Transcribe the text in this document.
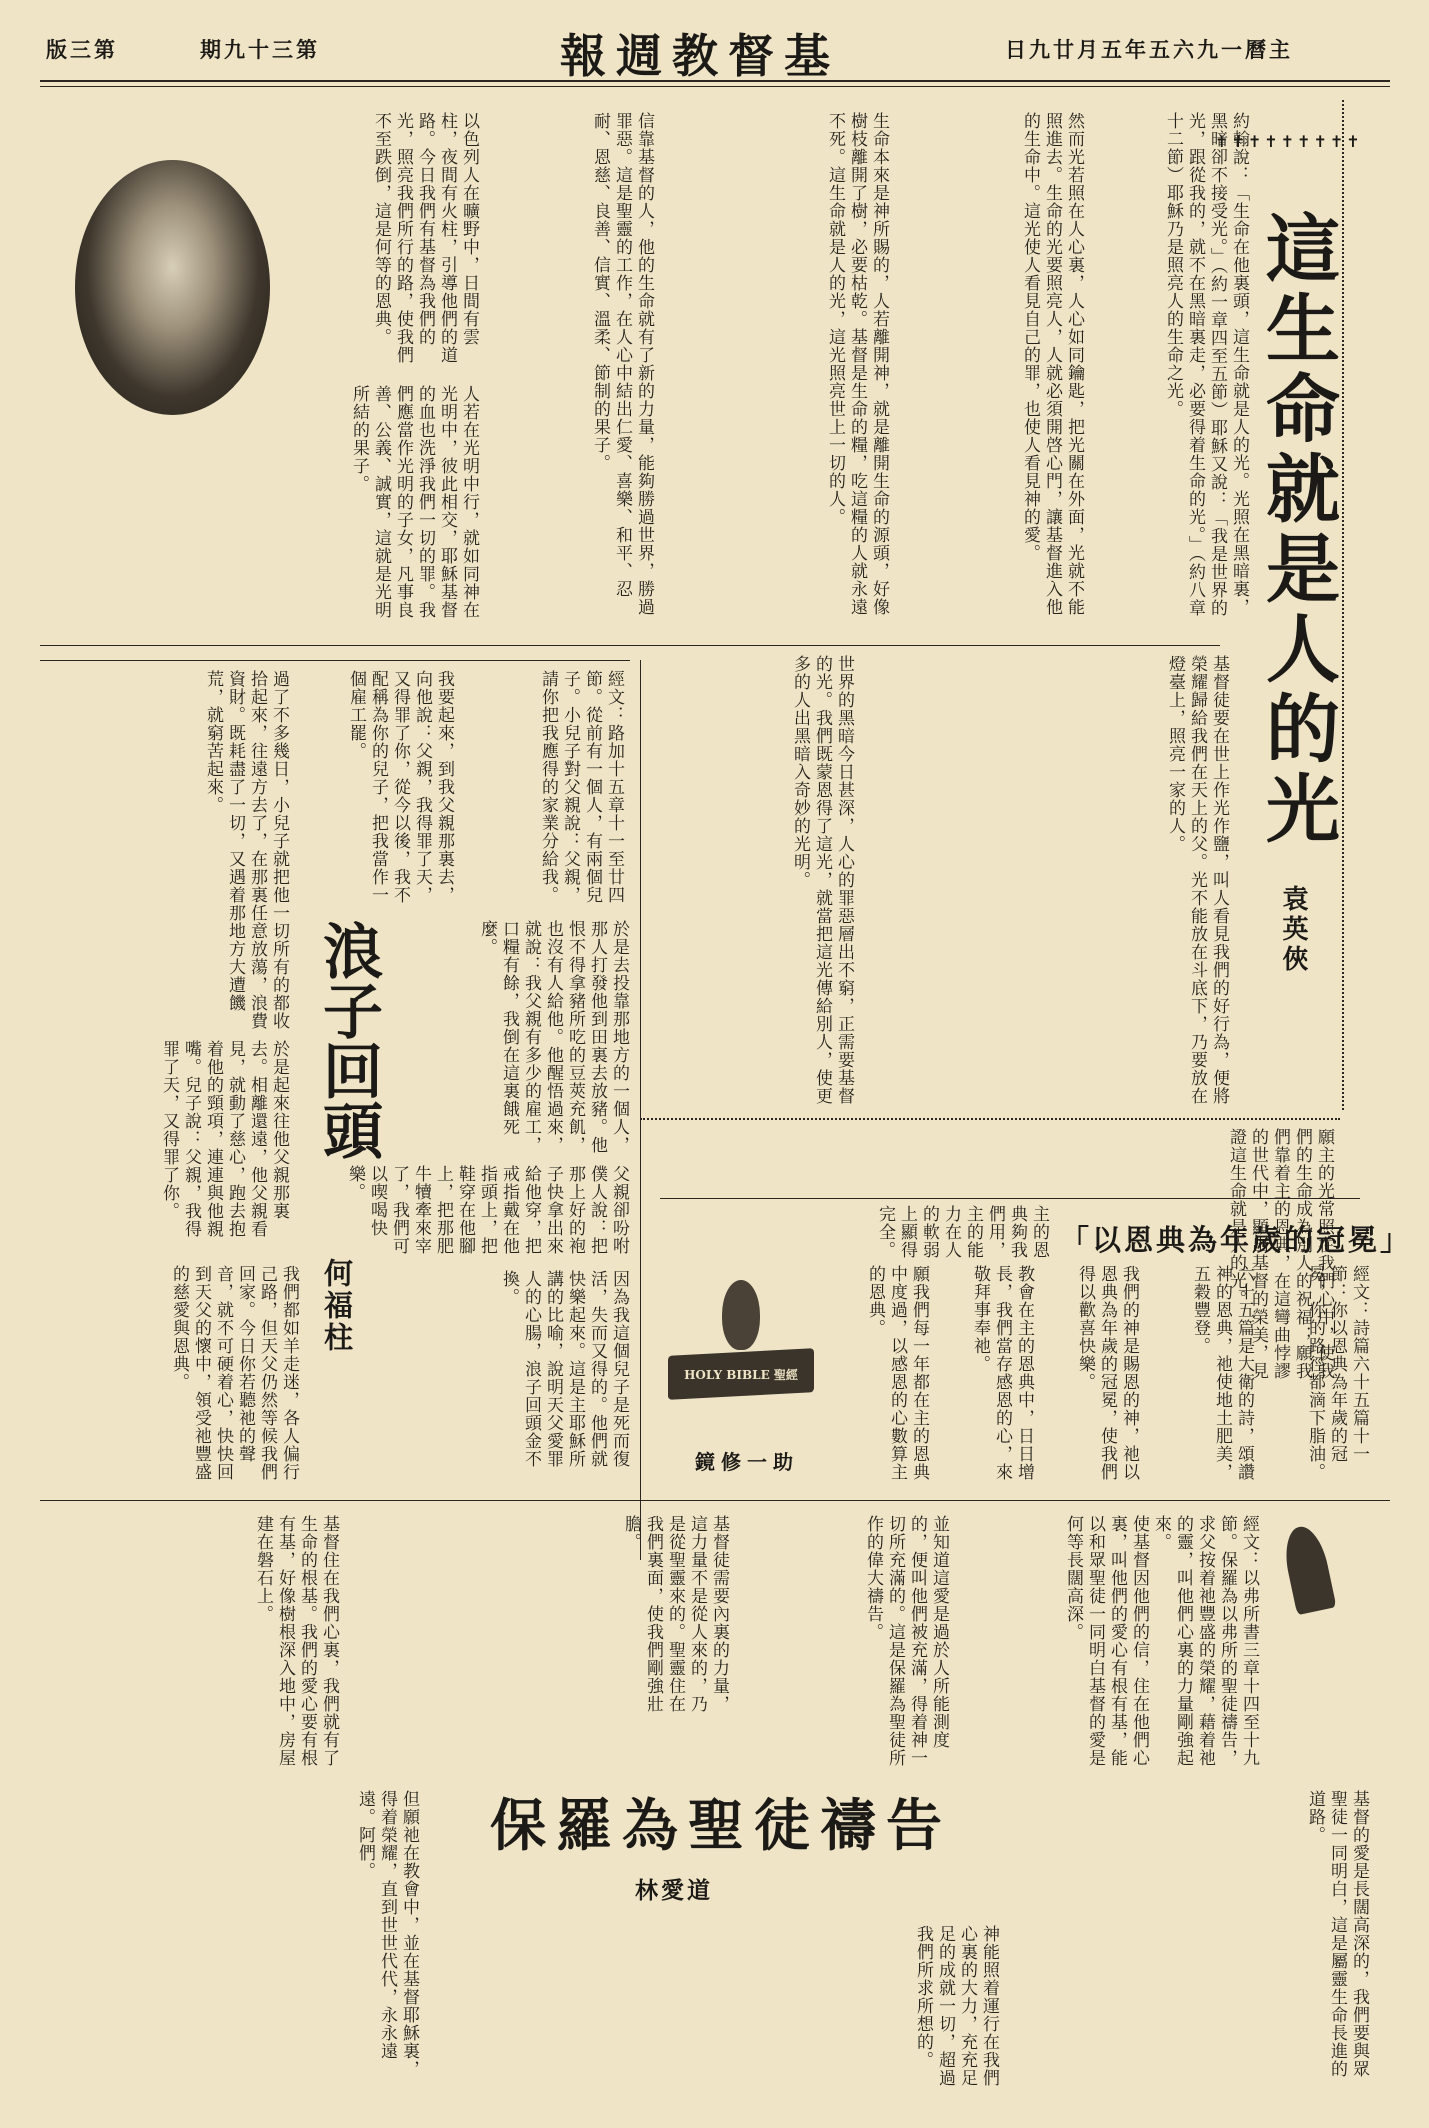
版三第	期九十三第	報週教督基	日九廿月五年五六九一曆主
✝✝✝✝✝✝✝✝✝
這生命就是人的光
袁英俠
約翰說：「生命在他裏頭，這生命就是人的光。光照在黑暗裏，黑暗卻不接受光。」（約一章四至五節）耶穌又說：「我是世界的光，跟從我的，就不在黑暗裏走，必要得着生命的光。」（約八章十二節）耶穌乃是照亮人的生命之光。
然而光若照在人心裏，人心如同鑰匙，把光關在外面，光就不能照進去。生命的光要照亮人，人就必須開啓心門，讓基督進入他的生命中。這光使人看見自己的罪，也使人看見神的愛。
生命本來是神所賜的，人若離開神，就是離開生命的源頭，好像樹枝離開了樹，必要枯乾。基督是生命的糧，吃這糧的人就永遠不死。這生命就是人的光，這光照亮世上一切的人。
信靠基督的人，他的生命就有了新的力量，能夠勝過世界，勝過罪惡。這是聖靈的工作，在人心中結出仁愛、喜樂、和平、忍耐、恩慈、良善、信實、溫柔、節制的果子。
以色列人在曠野中，日間有雲柱，夜間有火柱，引導他們的道路。今日我們有基督為我們的光，照亮我們所行的路，使我們不至跌倒，這是何等的恩典。
人若在光明中行，就如同神在光明中，彼此相交，耶穌基督的血也洗淨我們一切的罪。我們應當作光明的子女，凡事良善、公義、誠實，這就是光明所結的果子。
基督徒要在世上作光作鹽，叫人看見我們的好行為，便將榮耀歸給我們在天上的父。光不能放在斗底下，乃要放在燈臺上，照亮一家的人。
世界的黑暗今日甚深，人心的罪惡層出不窮，正需要基督的光。我們既蒙恩得了這光，就當把這光傳給別人，使更多的人出黑暗入奇妙的光明。
願主的光常照在我們心中，使我們的生命成為別人的祝福；願我們靠着主的恩典，在這彎曲悖謬的世代中，顯出基督的榮美，見證這生命就是人的光。
經文：路加十五章十一至廿四節。從前有一個人，有兩個兒子。小兒子對父親說：父親，請你把我應得的家業分給我。
過了不多幾日，小兒子就把他一切所有的都收拾起來，往遠方去了，在那裏任意放蕩，浪費資財。既耗盡了一切，又遇着那地方大遭饑荒，就窮苦起來。
於是去投靠那地方的一個人，那人打發他到田裏去放豬。他恨不得拿豬所吃的豆莢充飢，也沒有人給他。他醒悟過來，就說：我父親有多少的雇工，口糧有餘，我倒在這裏餓死麼。
我要起來，到我父親那裏去，向他說：父親，我得罪了天，又得罪了你，從今以後，我不配稱為你的兒子，把我當作一個雇工罷。
浪子回頭
何福柱
於是起來往他父親那裏去。相離還遠，他父親看見，就動了慈心，跑去抱着他的頸項，連連與他親嘴。兒子說：父親，我得罪了天，又得罪了你。	父親卻吩咐僕人說：把那上好的袍子快拿出來給他穿，把戒指戴在他指頭上，把鞋穿在他腳上，把那肥牛犢牽來宰了，我們可以喫喝快樂。
因為我這個兒子是死而復活，失而又得的。他們就快樂起來。這是主耶穌所講的比喻，說明天父愛罪人的心腸，浪子回頭金不換。
我們都如羊走迷，各人偏行己路，但天父仍然等候我們回家。今日你若聽祂的聲音，就不可硬着心，快快回到天父的懷中，領受祂豐盛的慈愛與恩典。
「以恩典為年歲的冠冕」
HOLY BIBLE 聖經
鏡修一助	經文：詩篇六十五篇十一節：你以恩典為年歲的冠冕，你的路徑都滴下脂油。
六十五篇是大衛的詩，頌讚神的恩典，祂使地土肥美，五穀豐登。
我們的神是賜恩的神，祂以恩典為年歲的冠冕，使我們得以歡喜快樂。
教會在主的恩典中，日日增長，我們當存感恩的心，來敬拜事奉祂。
願我們每一年都在主的恩典中度過，以感恩的心數算主的恩典。
主的恩典夠我們用，主的能力在人的軟弱上顯得完全。
經文：以弗所書三章十四至十九節。保羅為以弗所的聖徒禱告，求父按着祂豐盛的榮耀，藉着祂的靈，叫他們心裏的力量剛強起來。
使基督因他們的信，住在他們心裏，叫他們的愛心有根有基，能以和眾聖徒一同明白基督的愛是何等長闊高深。
並知道這愛是過於人所能測度的，便叫他們被充滿，得着神一切所充滿的。這是保羅為聖徒所作的偉大禱告。
基督徒需要內裏的力量，這力量不是從人來的，乃是從聖靈來的。聖靈住在我們裏面，使我們剛強壯膽。
基督住在我們心裏，我們就有了生命的根基。我們的愛心要有根有基，好像樹根深入地中，房屋建在磐石上。
保羅為聖徒禱告
林愛道	基督的愛是長闊高深的，我們要與眾聖徒一同明白，這是屬靈生命長進的道路。
神能照着運行在我們心裏的大力，充充足足的成就一切，超過我們所求所想的。
但願祂在教會中，並在基督耶穌裏，得着榮耀，直到世世代代，永永遠遠。阿們。
